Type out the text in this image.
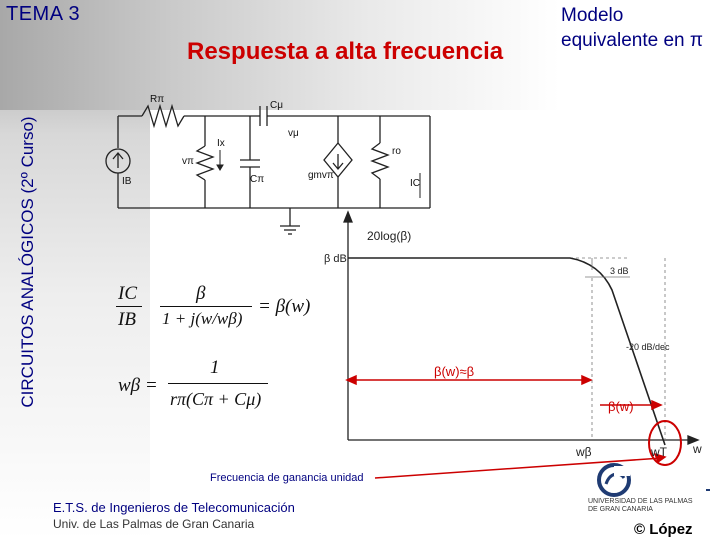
TEMA 3
CIRCUITOS ANALÓGICOS (2º Curso)
Respuesta a alta frecuencia
Modelo
equivalente en π
Rπ
Cμ
vμ
Ix
vπ
IB	Cπ	gmvπ
ro
IC
IC
IB
β
1 + j(w/wβ)
= β(w)
wβ =
1
rπ(Cπ + Cμ)
β dB
20log(β)
3 dB
-20 dB/dec
w
wβ	wT
β(w)≈β
β(w)
Frecuencia de ganancia unidad
E.T.S. de Ingenieros de Telecomunicación
Univ. de Las Palmas de Gran Canaria
UNIVERSIDAD DE LAS PALMAS DE GRAN CANARIA
© López
